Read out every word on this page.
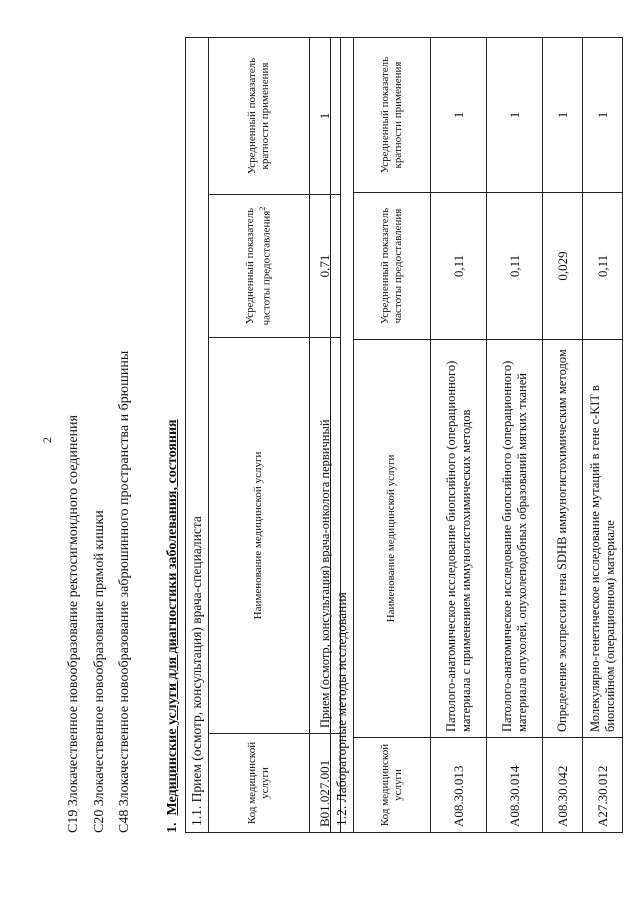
2 C19 Злокачественное новообразование ректосигмоидного соединения C20 Злокачественное новообразование прямой кишки C48 Злокачественное новообразование забрюшинного пространства и брюшины 1.  Медицинские услуги для диагностики заболевания, состояния 1.1. Прием (осмотр, консультация) врача-специалиста			
Код медицинской услуги	Наименование медицинской услуги	Усредненный показатель частоты предоставления$^2$	Усредненный показатель кратности применения
B01.027.001	Прием (осмотр, консультация) врача-онколога первичный	0,71	1
1.2. Лабораторные методы исследования			
Код медицинской услуги	Наименование медицинской услуги	Усредненный показатель частоты предоставления	Усредненный показатель кратности применения
A08.30.013	Патолого-анатомическое исследование биопсийного (операционного) материала с применением иммуногистохимических методов	0,11	1
A08.30.014	Патолого-анатомическое исследование биопсийного (операционного) материала опухолей, опухолеподобных образований мягких тканей	0,11	1
A08.30.042	Определение экспрессии гена SDHB иммуногистохимическим методом	0,029	1
A27.30.012	Молекулярно-генетическое исследование мутаций в гене c-KIT в биопсийном (операционном) материале	0,11	1
